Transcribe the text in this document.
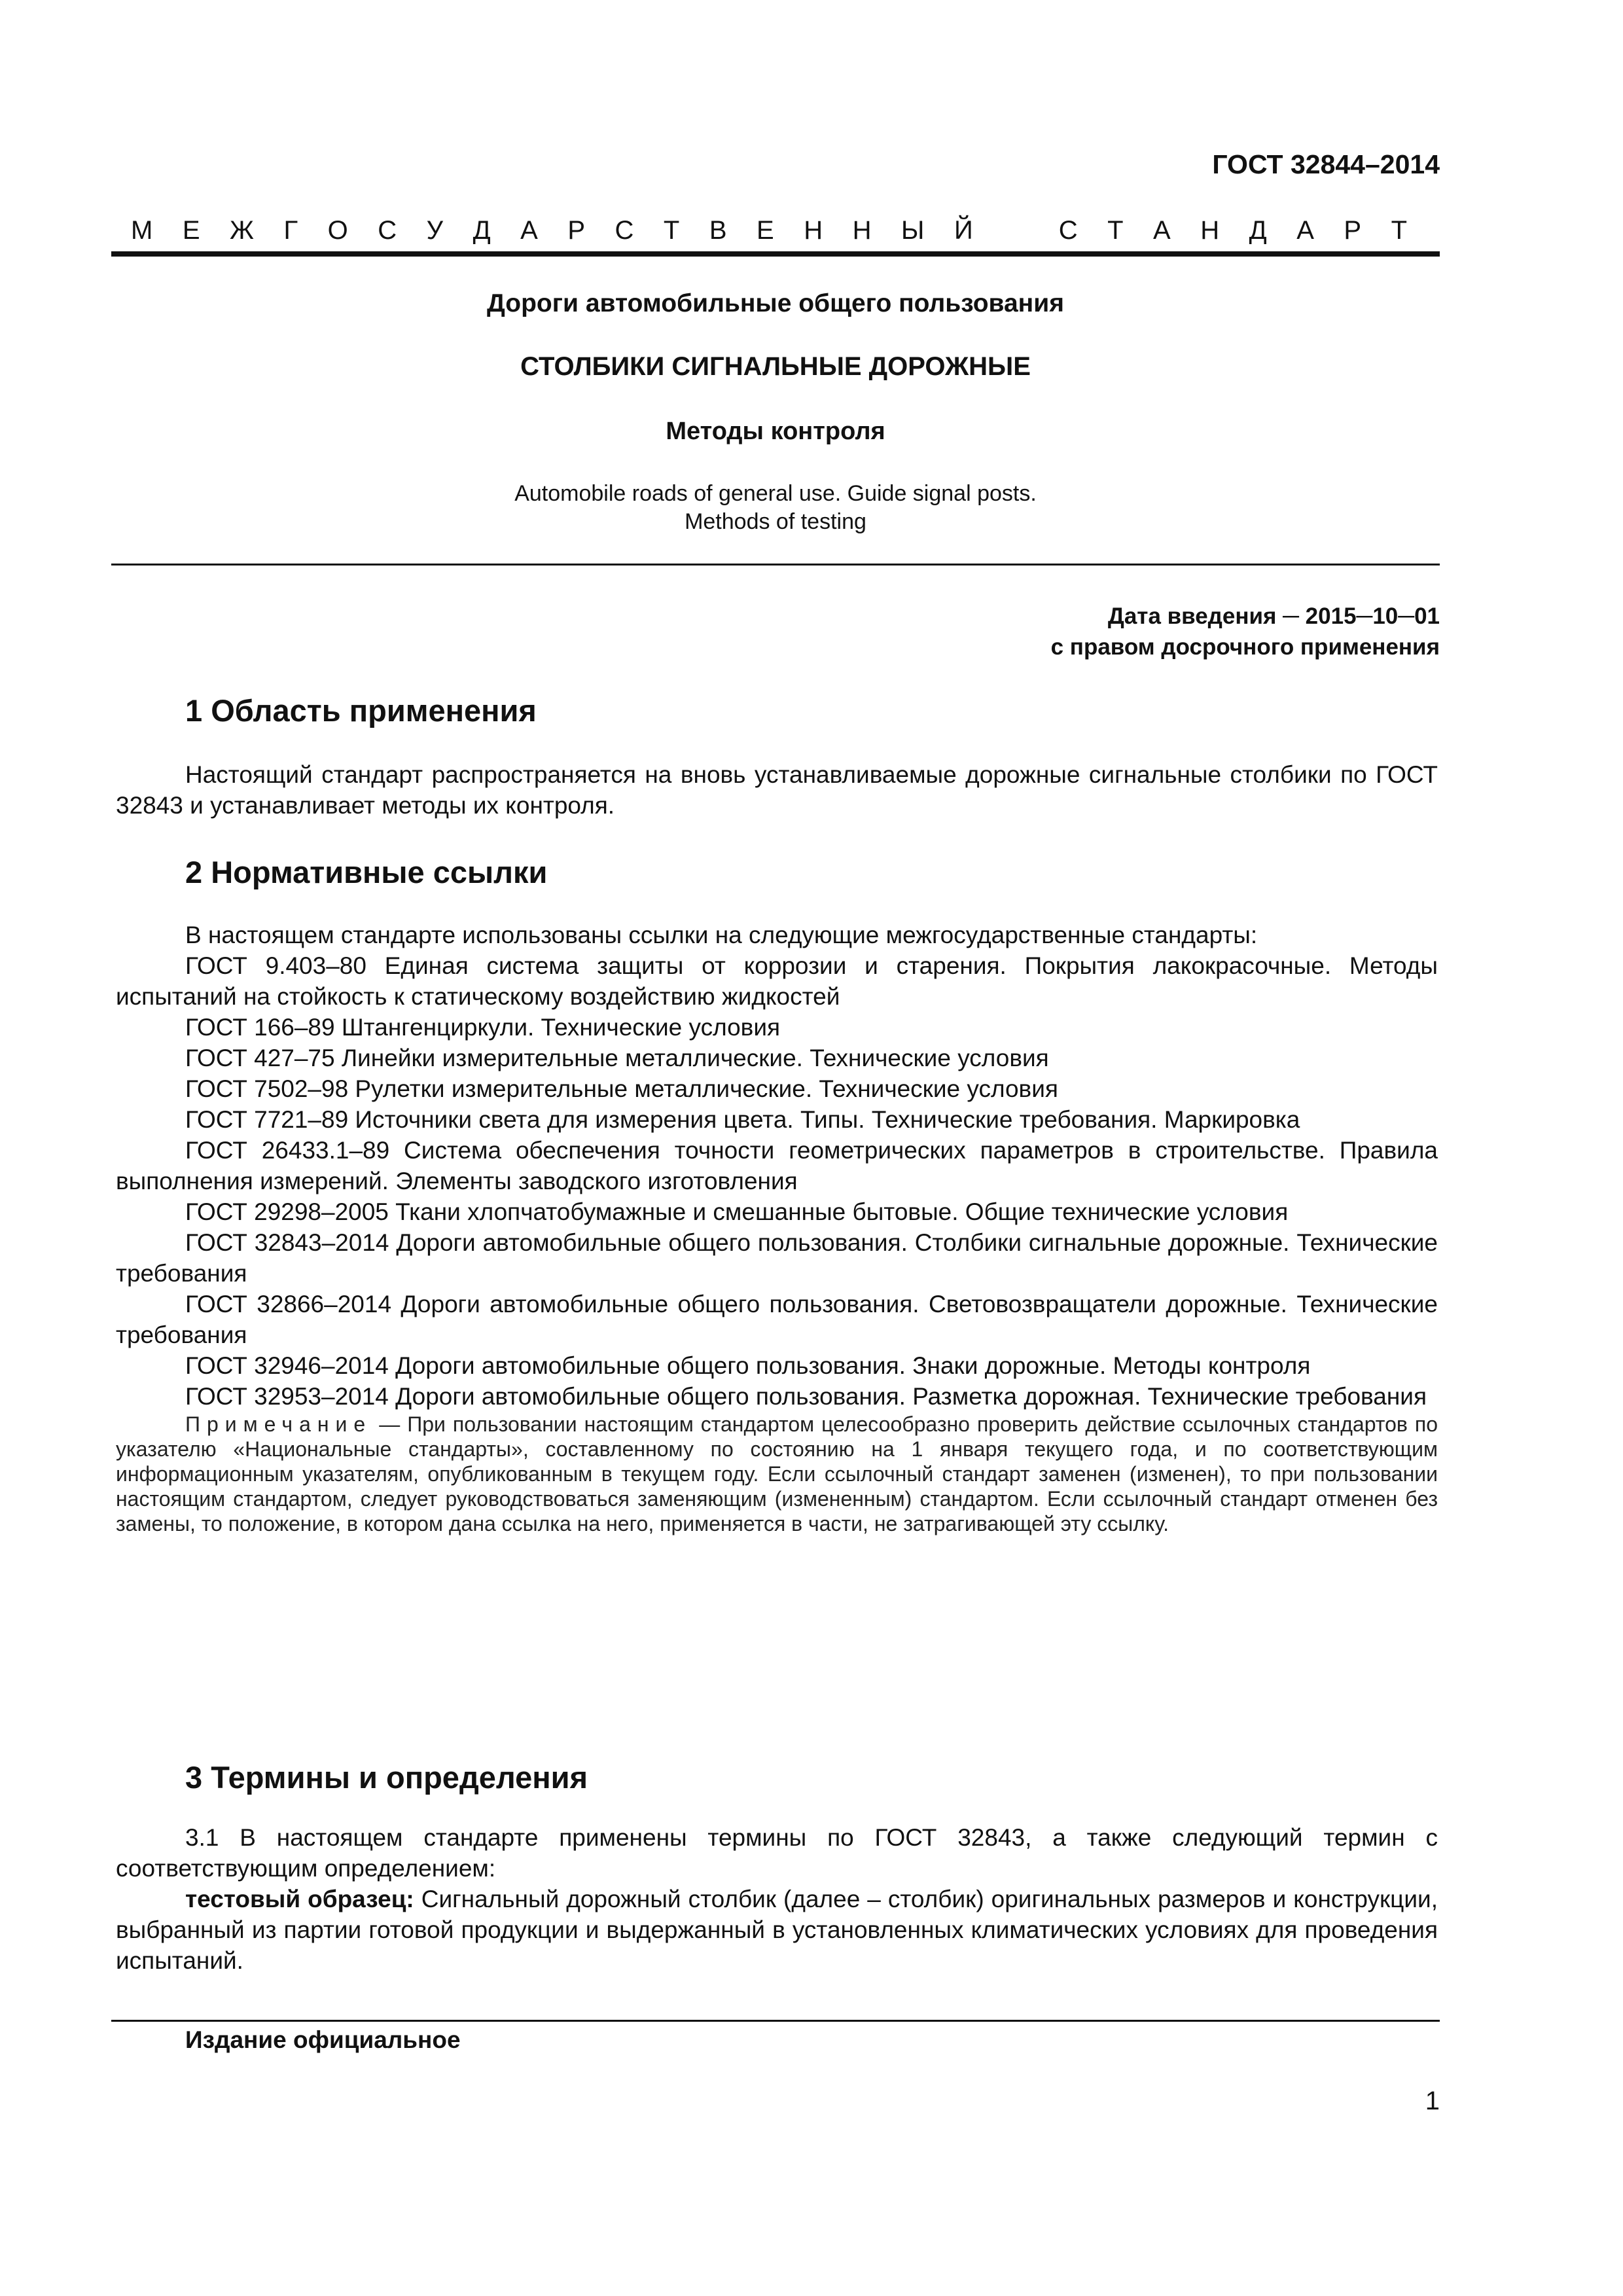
ГОСТ 32844–2014
М Е Ж Г О С У Д А Р С Т В Е Н Н Ы Й	С Т А Н Д А Р Т
Дороги автомобильные общего пользования
СТОЛБИКИ СИГНАЛЬНЫЕ ДОРОЖНЫЕ
Методы контроля
Automobile roads of general use. Guide signal posts.
Methods of testing
Дата введения ─ 2015─10─01
с правом досрочного применения
1 Область применения

Настоящий стандарт распространяется на вновь устанавливаемые дорожные сигнальные столбики по ГОСТ 32843 и устанавливает методы их контроля.

2 Нормативные ссылки

В настоящем стандарте использованы ссылки на следующие межгосударственные стандарты:

ГОСТ 9.403–80 Единая система защиты от коррозии и старения. Покрытия лакокрасочные. Методы испытаний на стойкость к статическому воздействию жидкостей

ГОСТ 166–89 Штангенциркули. Технические условия

ГОСТ 427–75 Линейки измерительные металлические. Технические условия

ГОСТ 7502–98 Рулетки измерительные металлические. Технические условия

ГОСТ 7721–89 Источники света для измерения цвета. Типы. Технические требования. Маркировка

ГОСТ 26433.1–89 Система обеспечения точности геометрических параметров в строительстве. Правила выполнения измерений. Элементы заводского изготовления

ГОСТ 29298–2005 Ткани хлопчатобумажные и смешанные бытовые. Общие технические условия

ГОСТ 32843–2014 Дороги автомобильные общего пользования. Столбики сигнальные дорожные. Технические требования

ГОСТ 32866–2014 Дороги автомобильные общего пользования. Световозвращатели дорожные. Технические требования

ГОСТ 32946–2014 Дороги автомобильные общего пользования. Знаки дорожные. Методы контроля

ГОСТ 32953–2014 Дороги автомобильные общего пользования. Разметка дорожная. Технические требования

Примечание — При пользовании настоящим стандартом целесообразно проверить действие ссылочных стандартов по указателю «Национальные стандарты», составленному по состоянию на 1 января текущего года, и по соответствующим информационным указателям, опубликованным в текущем году. Если ссылочный стандарт заменен (изменен), то при пользовании настоящим стандартом, следует руководствоваться заменяющим (измененным) стандартом. Если ссылочный стандарт отменен без замены, то положение, в котором дана ссылка на него, применяется в части, не затрагивающей эту ссылку.

3 Термины и определения

3.1 В настоящем стандарте применены термины по ГОСТ 32843, а также следующий термин с соответствующим определением:

тестовый образец: Сигнальный дорожный столбик (далее – столбик) оригинальных размеров и конструкции, выбранный из партии готовой продукции и выдержанный в установленных климатических условиях для проведения испытаний.

Издание официальное
1
